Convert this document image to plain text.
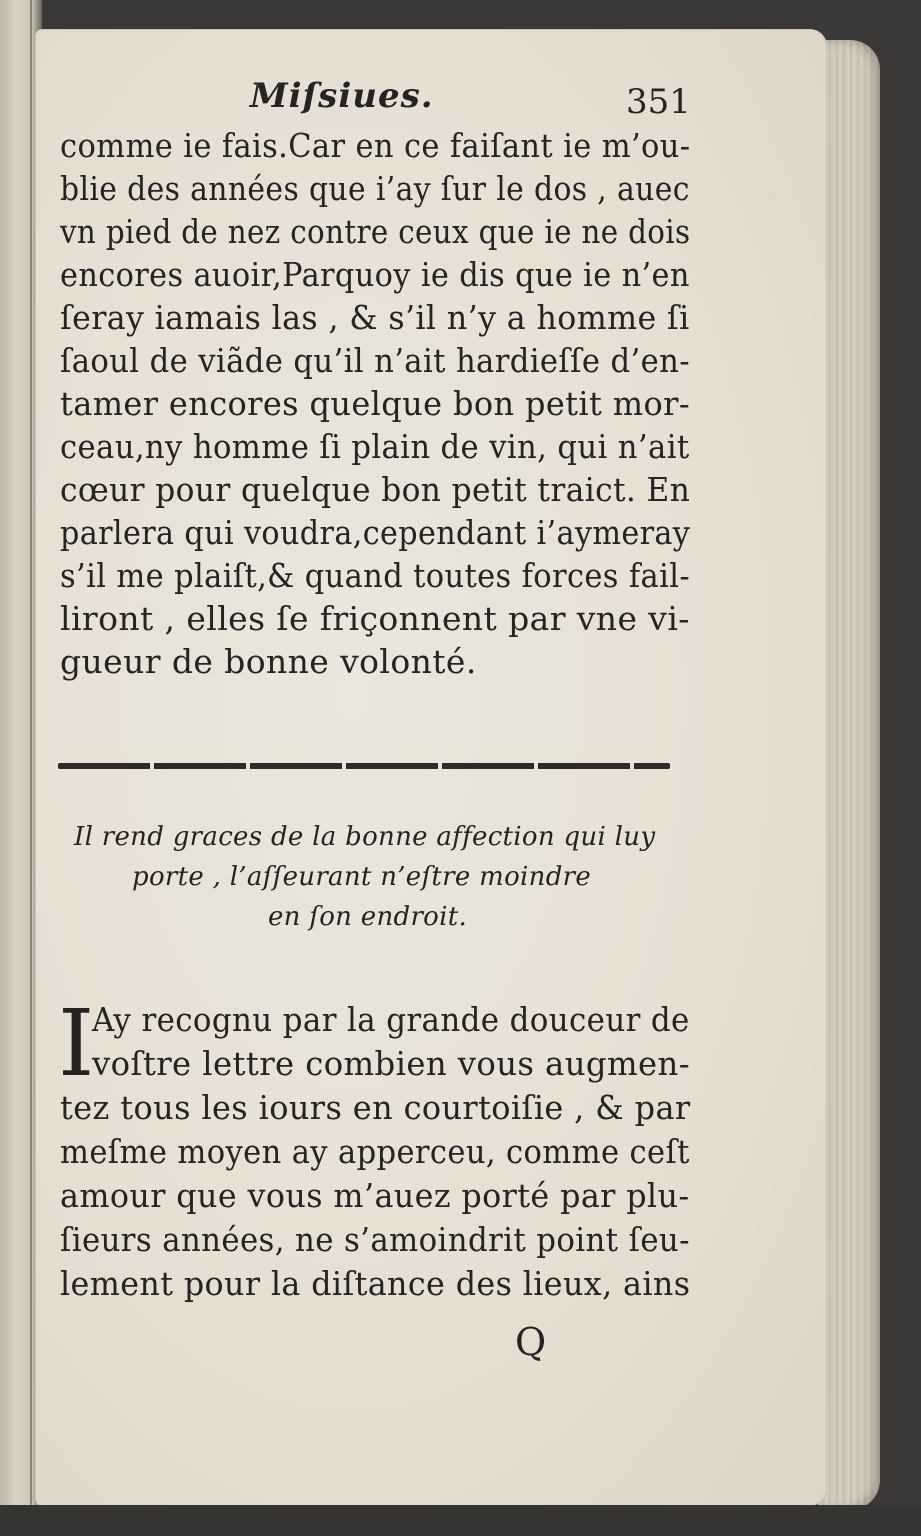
Miſsiues.	351
comme ie fais.Car en ce faiſant ie m’ou-
blie des années que i’ay ſur le dos , auec
vn pied de nez contre ceux que ie ne dois
encores auoir,Parquoy ie dis que ie n’en
ſeray iamais las , & s’il n’y a homme ſi
ſaoul de viãde qu’il n’ait hardieſſe d’en-
tamer encores quelque bon petit mor-
ceau,ny homme ſi plain de vin, qui n’ait
cœur pour quelque bon petit traict. En
parlera qui voudra,cependant i’aymeray
s’il me plaiſt,& quand toutes forces fail-
liront , elles ſe friçonnent par vne vi-
gueur de bonne volonté.
Il rend graces de la bonne affection qui luy
porte , l’aſſeurant n’eſtre moindre
en ſon endroit.
I
Ay recognu par la grande douceur de
voſtre lettre combien vous augmen-
tez tous les iours en courtoiſie , & par
meſme moyen ay apperceu, comme ceſt
amour que vous m’auez porté par plu-
ſieurs années, ne s’amoindrit point ſeu-
lement pour la diſtance des lieux, ains
Q
